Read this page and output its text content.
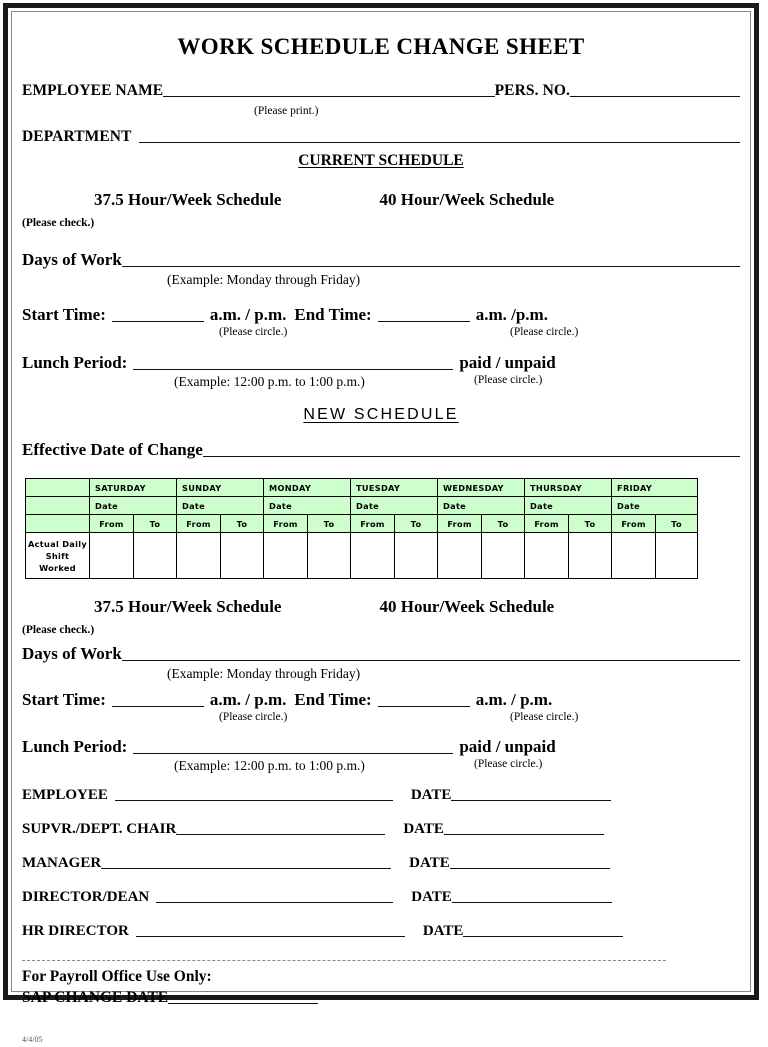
WORK SCHEDULE CHANGE SHEET
EMPLOYEE NAME	PERS. NO.
(Please print.)
DEPARTMENT
CURRENT SCHEDULE
37.5 Hour/Week Schedule	40 Hour/Week Schedule
(Please check.)
Days of Work
(Example: Monday through Friday)
Start Time:	a.m. / p.m. End Time:	a.m. /p.m.
(Please circle.)	(Please circle.)
Lunch Period:	paid / unpaid
(Example: 12:00 p.m. to 1:00 p.m.)	(Please circle.)
NEW SCHEDULE
Effective Date of Change
	SATURDAY		SUNDAY		MONDAY		TUESDAY		WEDNESDAY		THURSDAY		FRIDAY	
	Date		Date		Date		Date		Date		Date		Date	
	From	To	From	To	From	To	From	To	From	To	From	To	From	To
Actual Daily
Shift
Worked														
37.5 Hour/Week Schedule	40 Hour/Week Schedule
(Please check.)
Days of Work
(Example: Monday through Friday)
Start Time:	a.m. / p.m. End Time:	a.m. / p.m.
(Please circle.)	(Please circle.)
Lunch Period:	paid / unpaid
(Example: 12:00 p.m. to 1:00 p.m.)	(Please circle.)
EMPLOYEE	DATE
SUPVR./DEPT. CHAIR	DATE
MANAGER	DATE
DIRECTOR/DEAN	DATE
HR DIRECTOR	DATE
For Payroll Office Use Only:
SAP CHANGE DATE
4/4/05
